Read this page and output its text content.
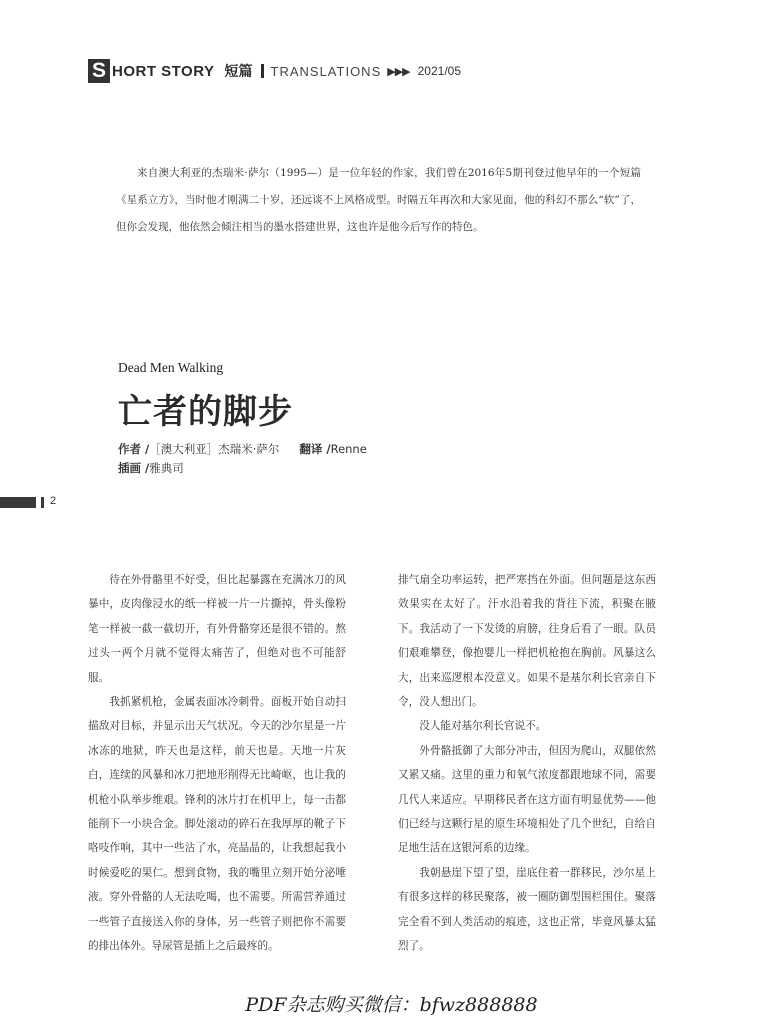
S HORT STORY 短篇 TRANSLATIONS ▶▶▶ 2021/05
来自澳大利亚的杰瑞米·萨尔（1995—）是一位年轻的作家，我们曾在2016年5期刊登过他早年的一个短篇《星系立方》，当时他才刚满二十岁，还远谈不上风格成型。时隔五年再次和大家见面，他的科幻不那么“软”了，但你会发现，他依然会倾注相当的墨水搭建世界，这也许是他今后写作的特色。
Dead Men Walking
亡者的脚步
作者 /［澳大利亚］杰瑞米·萨尔 翻译 /Renne
插画 /雅典司
2

待在外骨骼里不好受，但比起暴露在充满冰刀的风暴中，皮肉像浸水的纸一样被一片一片撕掉，骨头像粉笔一样被一截一截切开，有外骨骼穿还是很不错的。熬过头一两个月就不觉得太痛苦了，但绝对也不可能舒服。

我抓紧机枪，金属表面冰冷刺骨。面板开始自动扫描敌对目标，并显示出天气状况。今天的沙尔星是一片冰冻的地狱，昨天也是这样，前天也是。天地一片灰白，连续的风暴和冰刀把地形削得无比崎岖，也让我的机枪小队举步维艰。锋利的冰片打在机甲上，每一击都能削下一小块合金。脚处滚动的碎石在我厚厚的靴子下咯吱作响，其中一些沾了水，亮晶晶的，让我想起我小时候爱吃的果仁。想到食物，我的嘴里立刻开始分泌唾液。穿外骨骼的人无法吃喝，也不需要。所需营养通过一些管子直接送入你的身体，另一些管子则把你不需要的排出体外。导尿管是插上之后最疼的。

排气扇全功率运转，把严寒挡在外面。但问题是这东西效果实在太好了。汗水沿着我的背往下流，积聚在腋下。我活动了一下发烫的肩膀，往身后看了一眼。队员们艰难攀登，像抱婴儿一样把机枪抱在胸前。风暴这么大，出来巡逻根本没意义。如果不是基尔利长官亲自下令，没人想出门。

没人能对基尔利长官说不。

外骨骼抵御了大部分冲击，但因为爬山，双腿依然又累又痛。这里的重力和氧气浓度都跟地球不同，需要几代人来适应。早期移民者在这方面有明显优势——他们已经与这颗行星的原生环境相处了几个世纪，自给自足地生活在这银河系的边缘。

我朝悬崖下望了望，崖底住着一群移民，沙尔星上有很多这样的移民聚落，被一圈防御型围栏围住。聚落完全看不到人类活动的痕迹，这也正常，毕竟风暴太猛烈了。

PDF杂志购买微信：bfwz888888
